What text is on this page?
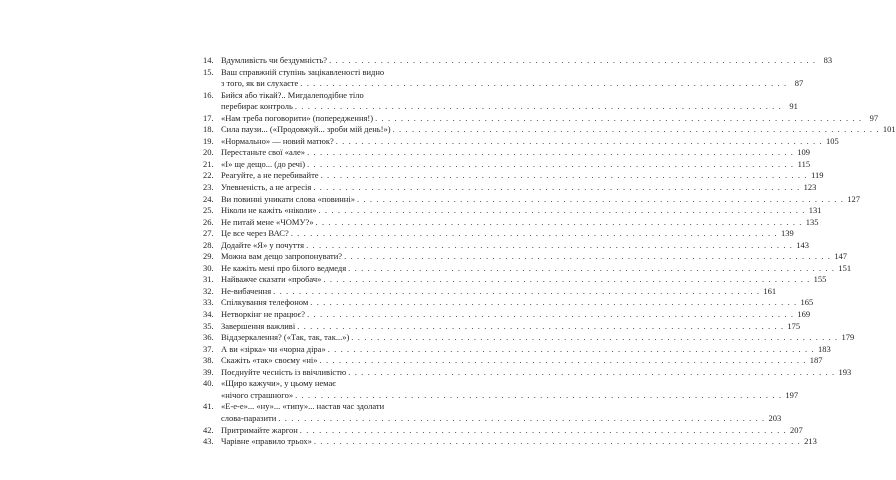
14. Вдумливість чи бездумність? . . .	83
15. Ваш справжній ступінь зацікавленості видно
з того, як ви слухаєте . . .	87
16. Бийся або тікай?.. Мигдалеподібне тіло
перебирає контроль . . .	91
17. «Нам треба поговорити» (попередження!) . . .	97
18. Сила паузи... («Продовжуй... зроби мій день!») . . .	101
19. «Нормально» — новий матюк? . . .	105
20. Перестаньте свої «але» . . .	109
21. «І» ще дещо... (до речі) . . .	115
22. Реагуйте, а не перебивайте . . .	119
23. Упевненість, а не агресія . . .	123
24. Ви повинні уникати слова «повинні» . . .	127
25. Ніколи не кажіть «ніколи» . . .	131
26. Не питай мене «ЧОМУ?» . . .	135
27. Це все через ВАС? . . .	139
28. Додайте «Я» у почуття . . .	143
29. Можна вам дещо запропонувати? . . .	147
30. Не кажіть мені про білого ведмедя . . .	151
31. Найважче сказати «пробач» . . .	155
32. Не-вибачення . . .	161
33. Спілкування телефоном . . .	165
34. Нетворкінг не працює? . . .	169
35. Завершення важливі . . .	175
36. Віддзеркалення? («Так, так, так...») . . .	179
37. А ви «зірка» чи «чорна діра» . . .	183
38. Скажіть «так» своєму «ні» . . .	187
39. Поєднуйте чесність із ввічливістю . . .	193
40. «Щиро кажучи», у цьому немає
«нічого страшного» . . .	197
41. «Е-е-е»... «ну»... «типу»... настав час здолати
слова-паразити . . .	203
42. Притримайте жаргон . . .	207
43. Чарівне «правило трьох» . . .	213
